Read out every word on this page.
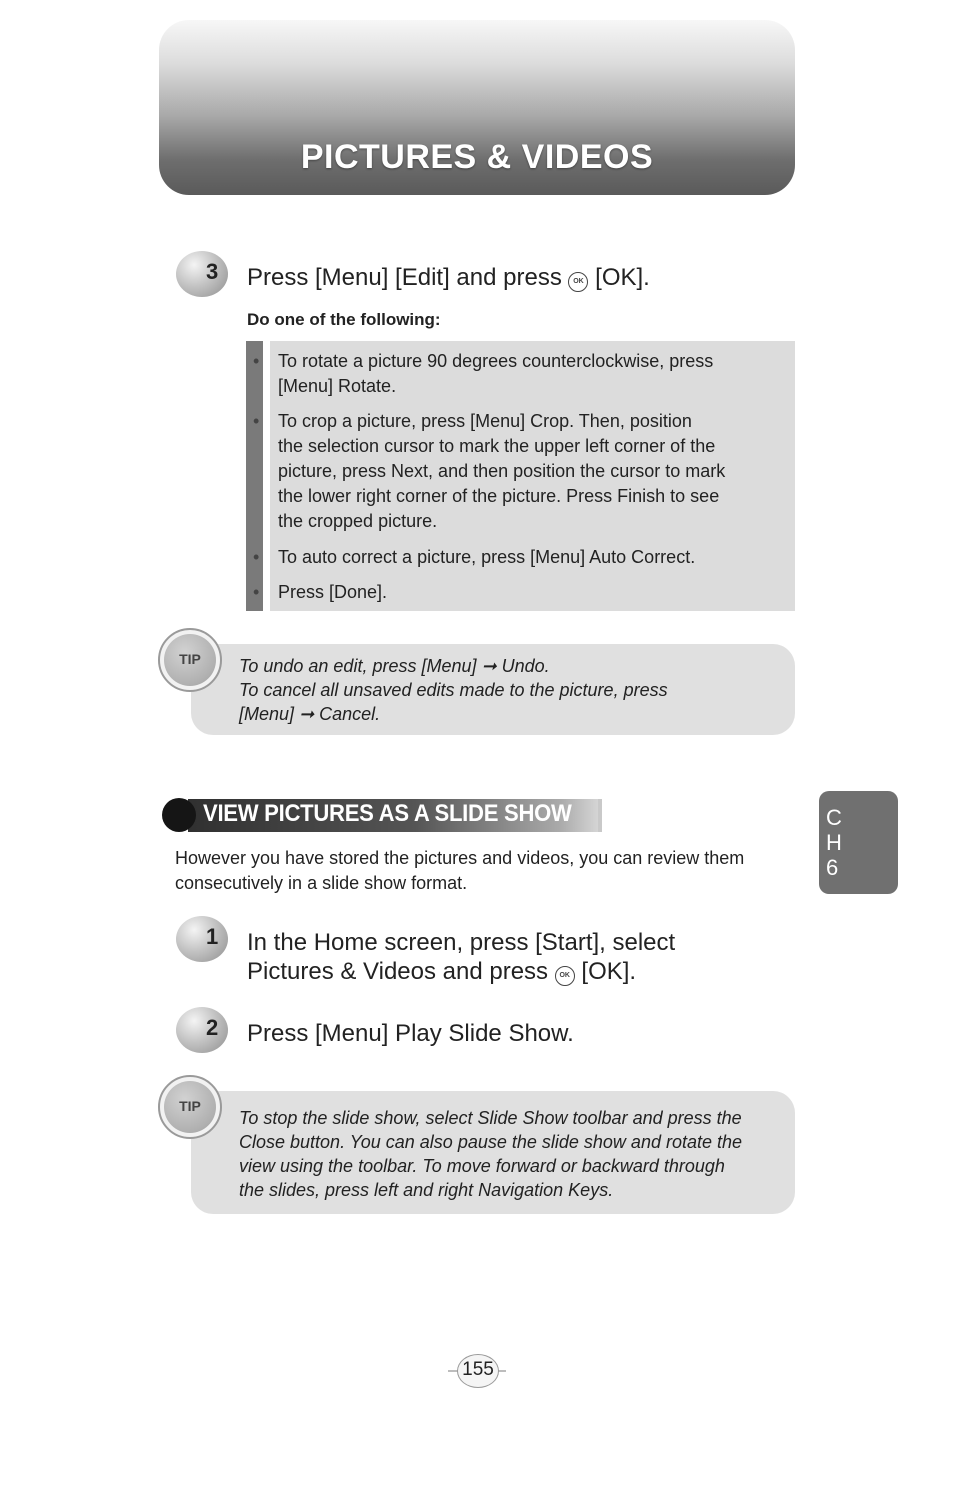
PICTURES & VIDEOS
3 Press [Menu] [Edit] and press OK [OK].
Do one of the following:
• To rotate a picture 90 degrees counterclockwise, press
[Menu] Rotate.
• To crop a picture, press [Menu] Crop. Then, position
the selection cursor to mark the upper left corner of the
picture, press Next, and then position the cursor to mark
the lower right corner of the picture. Press Finish to see
the cropped picture.
• To auto correct a picture, press [Menu] Auto Correct.
• Press [Done].
TIP	To undo an edit, press [Menu] ➞ Undo.
To cancel all unsaved edits made to the picture, press
[Menu] ➞ Cancel.
VIEW PICTURES AS A SLIDE SHOW
However you have stored the pictures and videos, you can review them
consecutively in a slide show format.
1 In the Home screen, press [Start], select
Pictures & Videos and press OK [OK].
2 Press [Menu] Play Slide Show.
TIP
To stop the slide show, select Slide Show toolbar and press the
Close button. You can also pause the slide show and rotate the
view using the toolbar. To move forward or backward through
the slides, press left and right Navigation Keys.
C
H
6
155
